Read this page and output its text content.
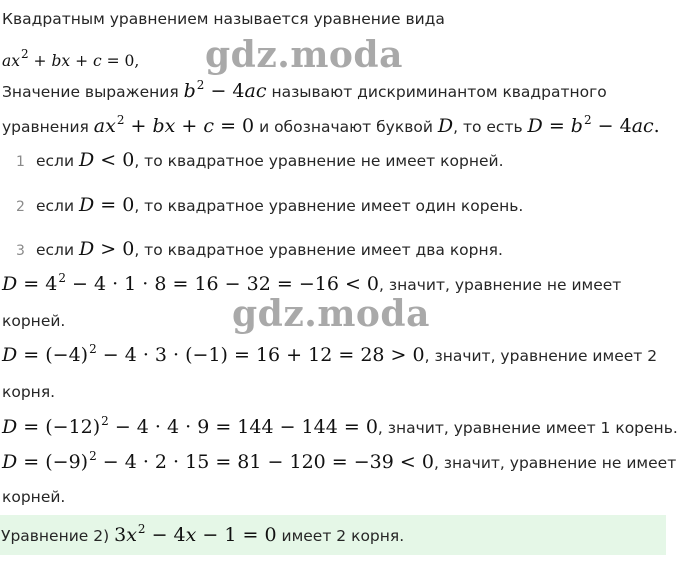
Квадратным уравнением называется уравнение вида
$ax^2$ + bx + c = 0, gdz.moda
Значение выражения $b^2 - 4ac$ называют дискриминантом квадратного
уравнения $ax^2$ + bx + c = 0 и обозначают буквой D, то есть $D = b^2 - 4ac$.
1 если D < 0, то квадратное уравнение не имеет корней.
2 если D = 0, то квадратное уравнение имеет один корень.
3 если D > 0, то квадратное уравнение имеет два корня.
$D = 4^2 - 4 \cdot 1 \cdot 8 = 16 - 32 = -16 < 0$, значит, уравнение не имеет
корней.	gdz.moda
$D = (-4)^2 - 4 \cdot 3 \cdot (-1) = 16 + 12 = 28 > 0$, значит, уравнение имеет 2
корня.
$D = (-12)^2 - 4 \cdot 4 \cdot 9 = 144 - 144 = 0$, значит, уравнение имеет 1 корень.
$D = (-9)^2 - 4 \cdot 2 \cdot 15 = 81 - 120 = -39 < 0$, значит, уравнение не имеет
корней.
Уравнение 2) $3x^2 - 4x - 1 = 0$ имеет 2 корня.
